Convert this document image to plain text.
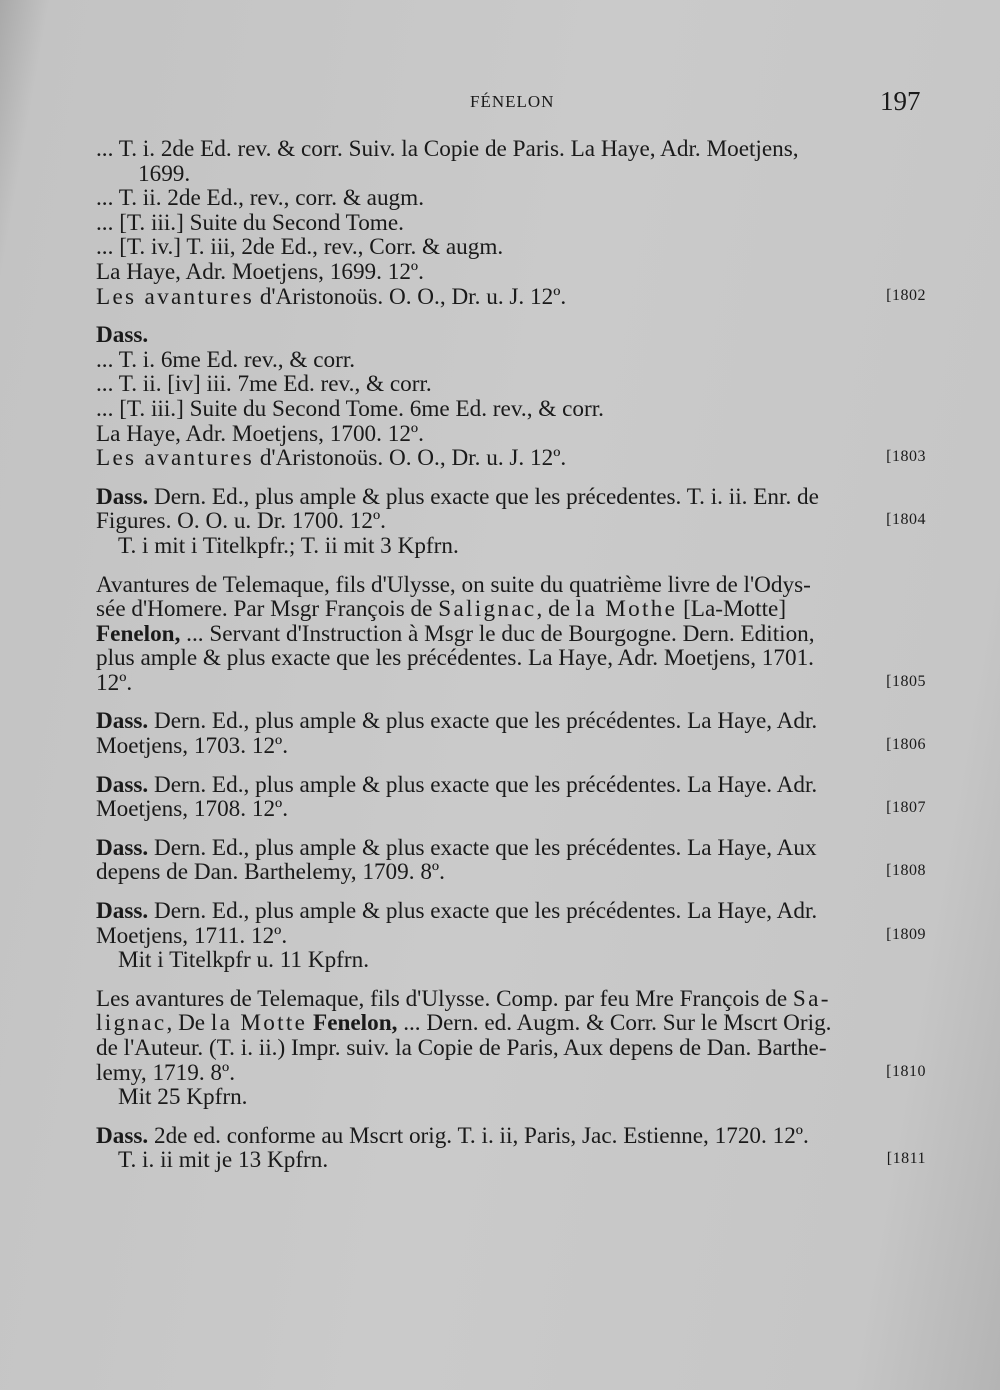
FÉNELON	197
... T. i. 2de Ed. rev. & corr. Suiv. la Copie de Paris. La Haye, Adr. Moetjens,
1699.
... T. ii. 2de Ed., rev., corr. & augm.
... [T. iii.] Suite du Second Tome.
... [T. iv.] T. iii, 2de Ed., rev., Corr. & augm.
La Haye, Adr. Moetjens, 1699. 12º.
Les avantures d'Aristonoüs. O. O., Dr. u. J. 12º.	[1802
Dass.
... T. i. 6me Ed. rev., & corr.
... T. ii. [iv] iii. 7me Ed. rev., & corr.
... [T. iii.] Suite du Second Tome. 6me Ed. rev., & corr.
La Haye, Adr. Moetjens, 1700. 12º.
Les avantures d'Aristonoüs. O. O., Dr. u. J. 12º.	[1803
Dass. Dern. Ed., plus ample & plus exacte que les précedentes. T. i. ii. Enr. de
Figures. O. O. u. Dr. 1700. 12º.	[1804
T. i mit i Titelkpfr.; T. ii mit 3 Kpfrn.
Avantures de Telemaque, fils d'Ulysse, on suite du quatrième livre de l'Odys-
sée d'Homere. Par Msgr François de Salignac, de la Mothe [La-Motte]
Fenelon, ... Servant d'Instruction à Msgr le duc de Bourgogne. Dern. Edition,
plus ample & plus exacte que les précédentes. La Haye, Adr. Moetjens, 1701.
12º.	[1805
Dass. Dern. Ed., plus ample & plus exacte que les précédentes. La Haye, Adr.
Moetjens, 1703. 12º.	[1806
Dass. Dern. Ed., plus ample & plus exacte que les précédentes. La Haye. Adr.
Moetjens, 1708. 12º.	[1807
Dass. Dern. Ed., plus ample & plus exacte que les précédentes. La Haye, Aux
depens de Dan. Barthelemy, 1709. 8º.	[1808
Dass. Dern. Ed., plus ample & plus exacte que les précédentes. La Haye, Adr.
Moetjens, 1711. 12º.	[1809
Mit i Titelkpfr u. 11 Kpfrn.
Les avantures de Telemaque, fils d'Ulysse. Comp. par feu Mre François de Sa-
lignac, De la Motte Fenelon, ... Dern. ed. Augm. & Corr. Sur le Mscrt Orig.
de l'Auteur. (T. i. ii.) Impr. suiv. la Copie de Paris, Aux depens de Dan. Barthe-
lemy, 1719. 8º.	[1810
Mit 25 Kpfrn.
Dass. 2de ed. conforme au Mscrt orig. T. i. ii, Paris, Jac. Estienne, 1720. 12º.
T. i. ii mit je 13 Kpfrn.	[1811
